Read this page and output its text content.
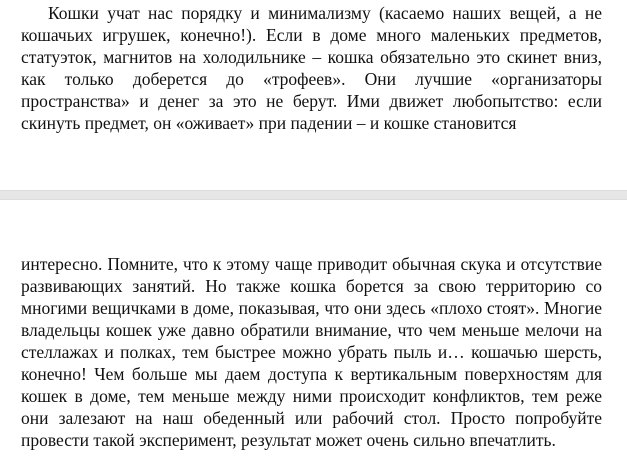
Кошки учат нас порядку и минимализму (касаемо наших вещей, а не кошачьих игрушек, конечно!). Если в доме много маленьких предметов, статуэток, магнитов на холодильнике – кошка обязательно это скинет вниз, как только доберется до «трофеев». Они лучшие «организаторы пространства» и денег за это не берут. Ими движет любопытство: если скинуть предмет, он «оживает» при падении – и кошке становится

интересно. Помните, что к этому чаще приводит обычная скука и отсутствие развивающих занятий. Но также кошка борется за свою территорию со многими вещичками в доме, показывая, что они здесь «плохо стоят». Многие владельцы кошек уже давно обратили внимание, что чем меньше мелочи на стеллажах и полках, тем быстрее можно убрать пыль и… кошачью шерсть, конечно! Чем больше мы даем доступа к вертикальным поверхностям для кошек в доме, тем меньше между ними происходит конфликтов, тем реже они залезают на наш обеденный или рабочий стол. Просто попробуйте провести такой эксперимент, результат может очень сильно впечатлить.
